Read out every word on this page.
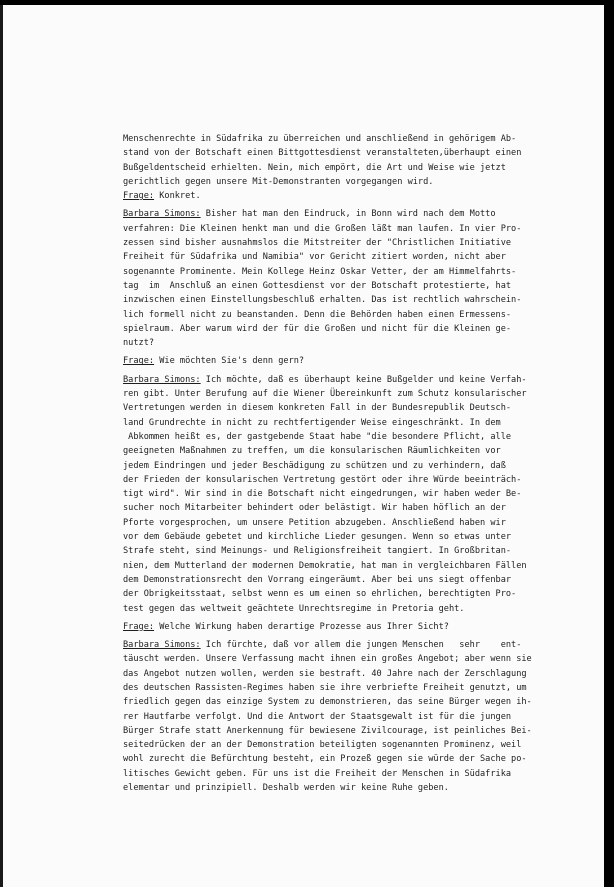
Menschenrechte in Südafrika zu überreichen und anschließend in gehörigem Ab-
stand von der Botschaft einen Bittgottesdienst veranstalteten,überhaupt einen
Bußgeldentscheid erhielten. Nein, mich empört, die Art und Weise wie jetzt
gerichtlich gegen unsere Mit-Demonstranten vorgegangen wird.
Frage: Konkret.
Barbara Simons: Bisher hat man den Eindruck, in Bonn wird nach dem Motto
verfahren: Die Kleinen henkt man und die Großen läßt man laufen. In vier Pro-
zessen sind bisher ausnahmslos die Mitstreiter der "Christlichen Initiative
Freiheit für Südafrika und Namibia" vor Gericht zitiert worden, nicht aber
sogenannte Prominente. Mein Kollege Heinz Oskar Vetter, der am Himmelfahrts-
tag  im  Anschluß an einen Gottesdienst vor der Botschaft protestierte, hat
inzwischen einen Einstellungsbeschluß erhalten. Das ist rechtlich wahrschein-
lich formell nicht zu beanstanden. Denn die Behörden haben einen Ermessens-
spielraum. Aber warum wird der für die Großen und nicht für die Kleinen ge-
nutzt?
Frage: Wie möchten Sie's denn gern?
Barbara Simons: Ich möchte, daß es überhaupt keine Bußgelder und keine Verfah-
ren gibt. Unter Berufung auf die Wiener Übereinkunft zum Schutz konsularischer
Vertretungen werden in diesem konkreten Fall in der Bundesrepublik Deutsch-
land Grundrechte in nicht zu rechtfertigender Weise eingeschränkt. In dem
Abkommen heißt es, der gastgebende Staat habe "die besondere Pflicht, alle
geeigneten Maßnahmen zu treffen, um die konsularischen Räumlichkeiten vor
jedem Eindringen und jeder Beschädigung zu schützen und zu verhindern, daß
der Frieden der konsularischen Vertretung gestört oder ihre Würde beeinträch-
tigt wird". Wir sind in die Botschaft nicht eingedrungen, wir haben weder Be-
sucher noch Mitarbeiter behindert oder belästigt. Wir haben höflich an der
Pforte vorgesprochen, um unsere Petition abzugeben. Anschließend haben wir
vor dem Gebäude gebetet und kirchliche Lieder gesungen. Wenn so etwas unter
Strafe steht, sind Meinungs- und Religionsfreiheit tangiert. In Großbritan-
nien, dem Mutterland der modernen Demokratie, hat man in vergleichbaren Fällen
dem Demonstrationsrecht den Vorrang eingeräumt. Aber bei uns siegt offenbar
der Obrigkeitsstaat, selbst wenn es um einen so ehrlichen, berechtigten Pro-
test gegen das weltweit geächtete Unrechtsregime in Pretoria geht.
Frage: Welche Wirkung haben derartige Prozesse aus Ihrer Sicht?
Barbara Simons: Ich fürchte, daß vor allem die jungen Menschen   sehr    ent-
täuscht werden. Unsere Verfassung macht ihnen ein großes Angebot; aber wenn sie
das Angebot nutzen wollen, werden sie bestraft. 40 Jahre nach der Zerschlagung
des deutschen Rassisten-Regimes haben sie ihre verbriefte Freiheit genutzt, um
friedlich gegen das einzige System zu demonstrieren, das seine Bürger wegen ih-
rer Hautfarbe verfolgt. Und die Antwort der Staatsgewalt ist für die jungen
Bürger Strafe statt Anerkennung für bewiesene Zivilcourage, ist peinliches Bei-
seitedrücken der an der Demonstration beteiligten sogenannten Prominenz, weil
wohl zurecht die Befürchtung besteht, ein Prozeß gegen sie würde der Sache po-
litisches Gewicht geben. Für uns ist die Freiheit der Menschen in Südafrika
elementar und prinzipiell. Deshalb werden wir keine Ruhe geben.
